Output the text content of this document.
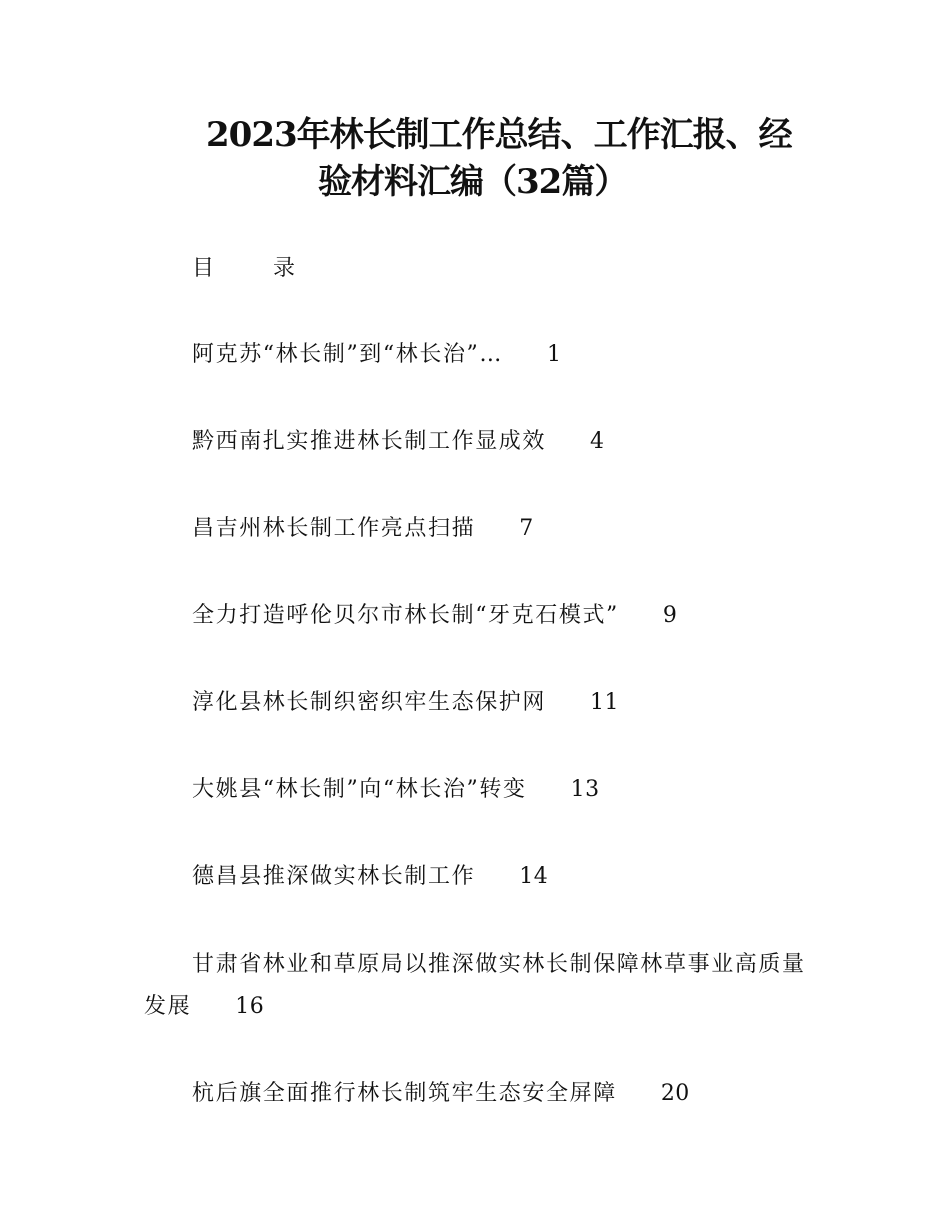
2023年林长制工作总结、工作汇报、经
验材料汇编（32篇）
目 录
阿克苏“林长制”到“林长治”… 1
黔西南扎实推进林长制工作显成效 4
昌吉州林长制工作亮点扫描 7
全力打造呼伦贝尔市林长制“牙克石模式” 9
淳化县林长制织密织牢生态保护网 11
大姚县“林长制”向“林长治”转变 13
德昌县推深做实林长制工作 14
甘肃省林业和草原局以推深做实林长制保障林草事业高质量发展 16
杭后旗全面推行林长制筑牢生态安全屏障 20
